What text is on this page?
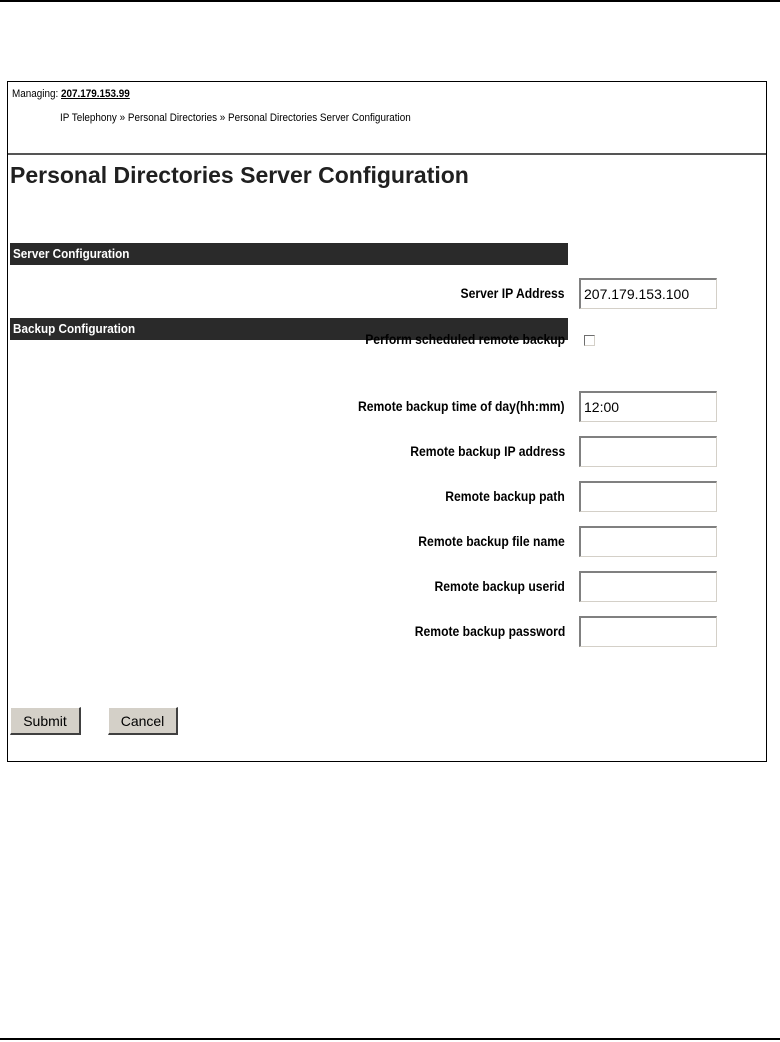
Managing: 207.179.153.99
IP Telephony » Personal Directories » Personal Directories Server Configuration
Personal Directories Server Configuration
Server Configuration
Server IP Address
207.179.153.100
Backup Configuration
Perform scheduled remote backup
Remote backup time of day(hh:mm)
12:00
Remote backup IP address
Remote backup path
Remote backup file name
Remote backup userid
Remote backup password
Submit	Cancel
